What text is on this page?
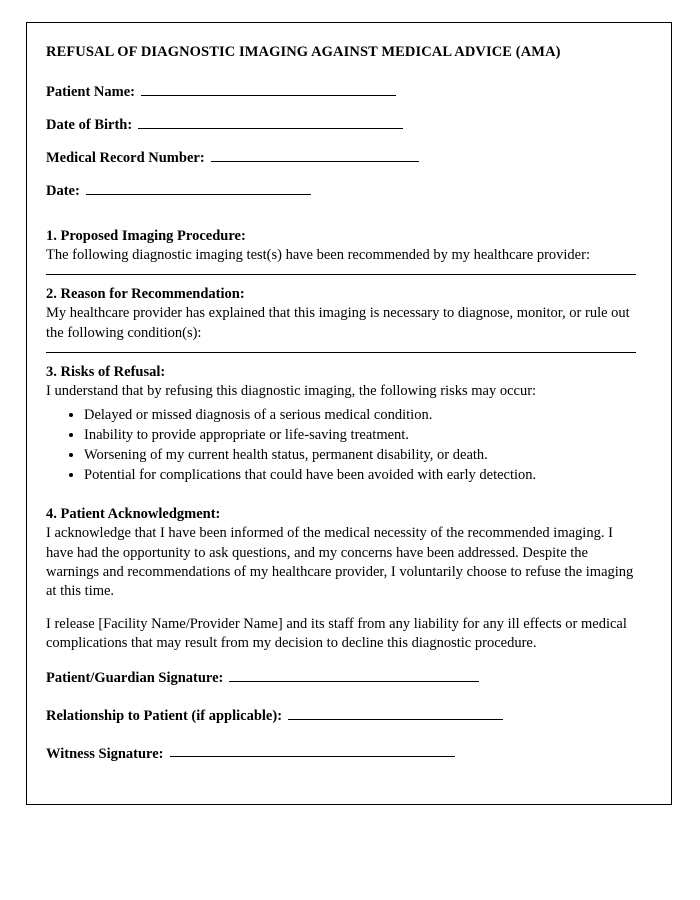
REFUSAL OF DIAGNOSTIC IMAGING AGAINST MEDICAL ADVICE (AMA)
Patient Name:
Date of Birth:
Medical Record Number:
Date:
1. Proposed Imaging Procedure:

The following diagnostic imaging test(s) have been recommended by my healthcare provider:

2. Reason for Recommendation:

My healthcare provider has explained that this imaging is necessary to diagnose, monitor, or rule out the following condition(s):

3. Risks of Refusal:

I understand that by refusing this diagnostic imaging, the following risks may occur:

• Delayed or missed diagnosis of a serious medical condition.
• Inability to provide appropriate or life-saving treatment.
• Worsening of my current health status, permanent disability, or death.
• Potential for complications that could have been avoided with early detection.
4. Patient Acknowledgment:

I acknowledge that I have been informed of the medical necessity of the recommended imaging. I have had the opportunity to ask questions, and my concerns have been addressed. Despite the warnings and recommendations of my healthcare provider, I voluntarily choose to refuse the imaging at this time.

I release [Facility Name/Provider Name] and its staff from any liability for any ill effects or medical complications that may result from my decision to decline this diagnostic procedure.

Patient/Guardian Signature:
Relationship to Patient (if applicable):
Witness Signature:
